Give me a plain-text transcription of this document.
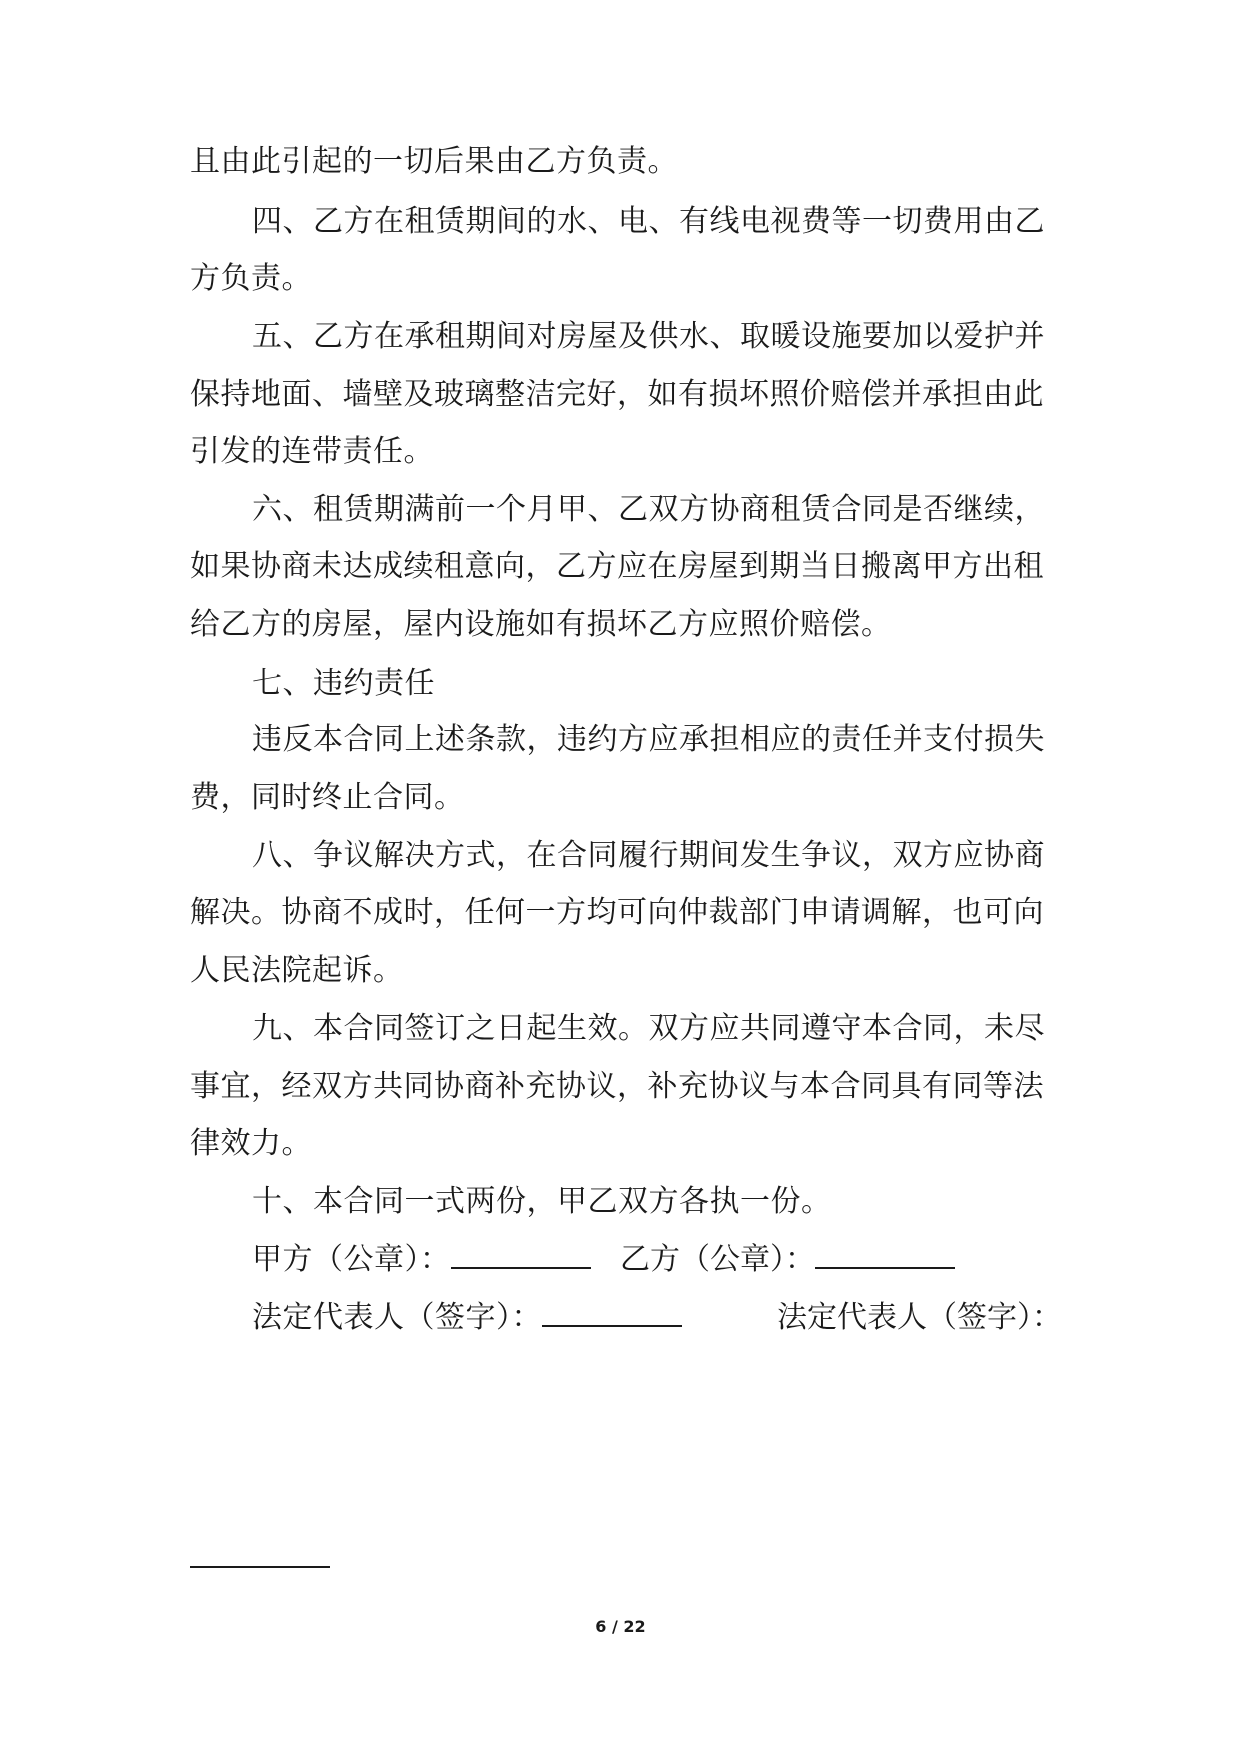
且由此引起的一切后果由乙方负责。
四、乙方在租赁期间的水、电、有线电视费等一切费用由乙
方负责。
五、乙方在承租期间对房屋及供水、取暖设施要加以爱护并
保持地面、墙壁及玻璃整洁完好，如有损坏照价赔偿并承担由此
引发的连带责任。
六、租赁期满前一个月甲、乙双方协商租赁合同是否继续，
如果协商未达成续租意向，乙方应在房屋到期当日搬离甲方出租
给乙方的房屋，屋内设施如有损坏乙方应照价赔偿。
七、违约责任
违反本合同上述条款，违约方应承担相应的责任并支付损失
费，同时终止合同。
八、争议解决方式，在合同履行期间发生争议，双方应协商
解决。协商不成时，任何一方均可向仲裁部门申请调解，也可向
人民法院起诉。
九、本合同签订之日起生效。双方应共同遵守本合同，未尽
事宜，经双方共同协商补充协议，补充协议与本合同具有同等法
律效力。
十、本合同一式两份，甲乙双方各执一份。
甲方（公章）：	乙方（公章）：
法定代表人（签字）：	法定代表人（签字）：
6 / 22
